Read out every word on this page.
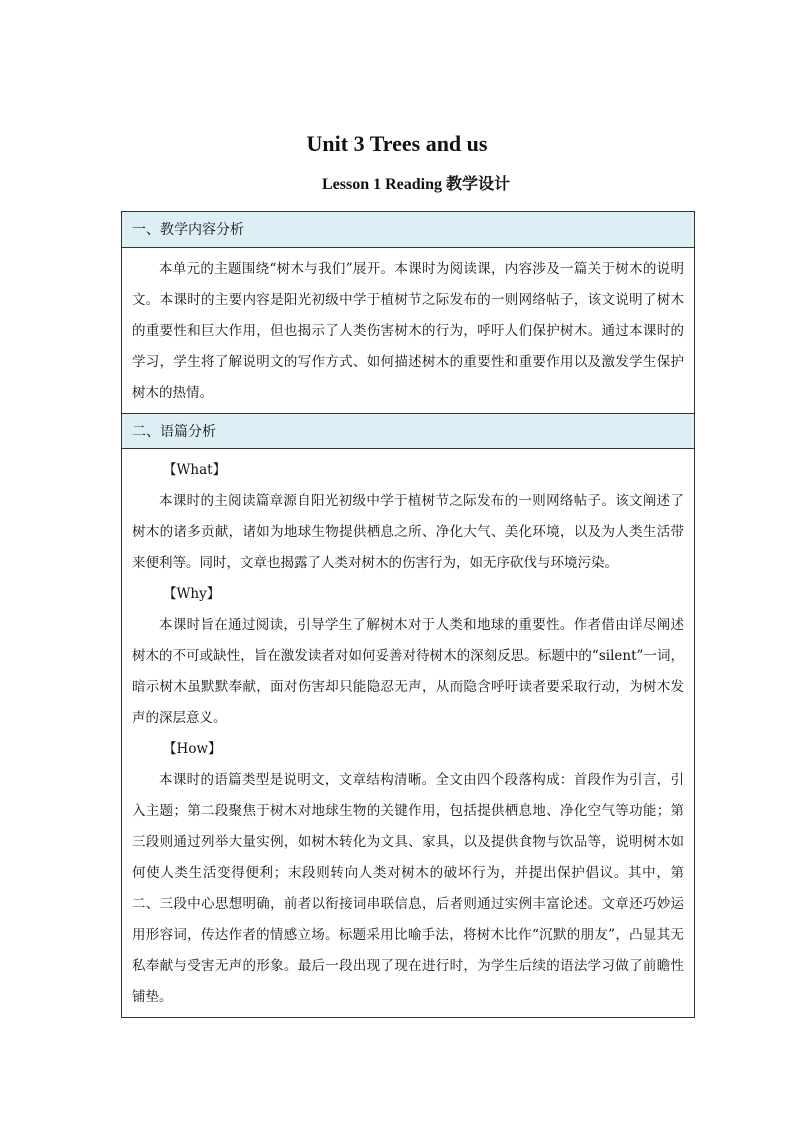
Unit 3 Trees and us
Lesson 1 Reading 教学设计
一、教学内容分析

本单元的主题围绕“树木与我们”展开。本课时为阅读课，内容涉及一篇关于树木的说明文。本课时的主要内容是阳光初级中学于植树节之际发布的一则网络帖子，该文说明了树木的重要性和巨大作用，但也揭示了人类伤害树木的行为，呼吁人们保护树木。通过本课时的学习，学生将了解说明文的写作方式、如何描述树木的重要性和重要作用以及激发学生保护树木的热情。

二、语篇分析

【What】

本课时的主阅读篇章源自阳光初级中学于植树节之际发布的一则网络帖子。该文阐述了树木的诸多贡献，诸如为地球生物提供栖息之所、净化大气、美化环境，以及为人类生活带来便利等。同时，文章也揭露了人类对树木的伤害行为，如无序砍伐与环境污染。

【Why】

本课时旨在通过阅读，引导学生了解树木对于人类和地球的重要性。作者借由详尽阐述树木的不可或缺性，旨在激发读者对如何妥善对待树木的深刻反思。标题中的“silent”一词，暗示树木虽默默奉献，面对伤害却只能隐忍无声，从而隐含呼吁读者要采取行动，为树木发声的深层意义。

【How】

本课时的语篇类型是说明文，文章结构清晰。全文由四个段落构成：首段作为引言，引入主题；第二段聚焦于树木对地球生物的关键作用，包括提供栖息地、净化空气等功能；第三段则通过列举大量实例，如树木转化为文具、家具，以及提供食物与饮品等，说明树木如何使人类生活变得便利；末段则转向人类对树木的破坏行为，并提出保护倡议。其中，第二、三段中心思想明确，前者以衔接词串联信息，后者则通过实例丰富论述。文章还巧妙运用形容词，传达作者的情感立场。标题采用比喻手法，将树木比作“沉默的朋友”，凸显其无私奉献与受害无声的形象。最后一段出现了现在进行时，为学生后续的语法学习做了前瞻性铺垫。
